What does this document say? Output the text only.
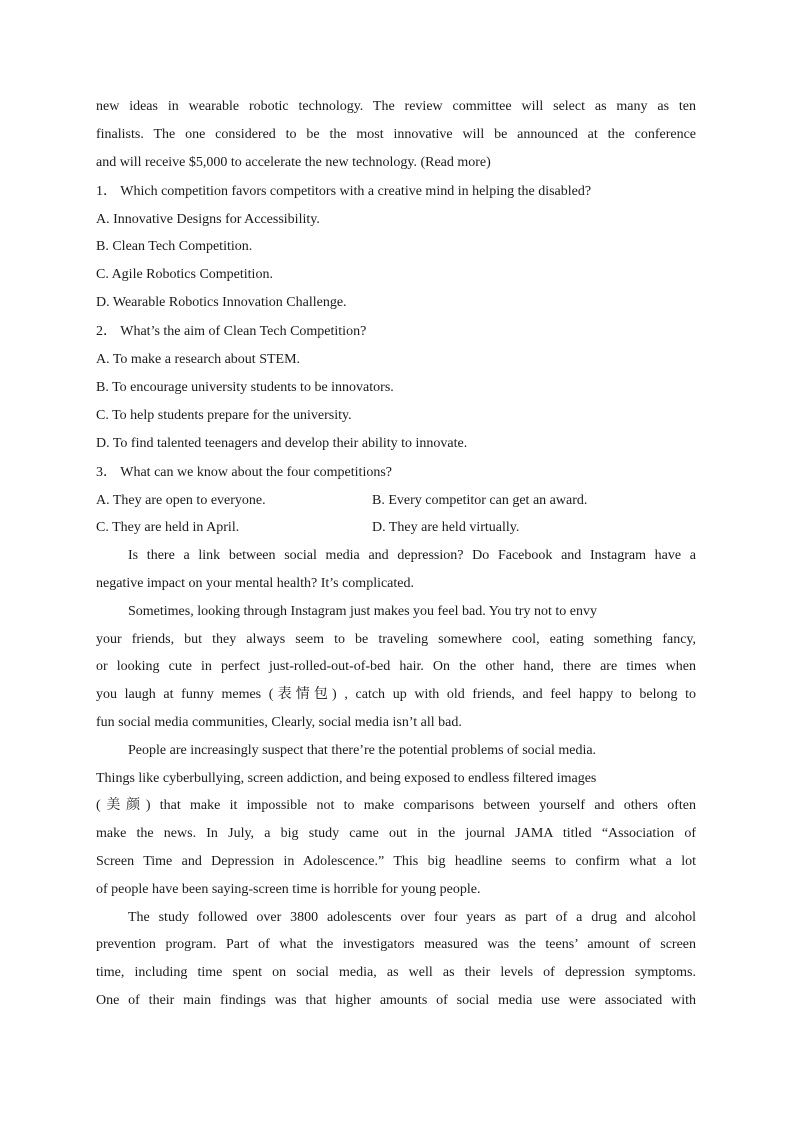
new ideas in wearable robotic technology. The review committee will select as many as ten
finalists. The one considered to be the most innovative will be announced at the conference
and will receive $5,000 to accelerate the new technology. (Read more)
1． Which competition favors competitors with a creative mind in helping the disabled?
A. Innovative Designs for Accessibility.
B. Clean Tech Competition.
C. Agile Robotics Competition.
D. Wearable Robotics Innovation Challenge.
2． What’s the aim of Clean Tech Competition?
A. To make a research about STEM.
B. To encourage university students to be innovators.
C. To help students prepare for the university.
D. To find talented teenagers and develop their ability to innovate.
3． What can we know about the four competitions?
A. They are open to everyone.	B. Every competitor can get an award.
C. They are held in April.	D. They are held virtually.
Is there a link between social media and depression? Do Facebook and Instagram have a
negative impact on your mental health? It’s complicated.
Sometimes, looking through Instagram just makes you feel bad. You try not to envy
your friends, but they always seem to be traveling somewhere cool, eating something fancy,
or looking cute in perfect just-rolled-out-of-bed hair. On the other hand, there are times when
you laugh at funny memes (表情包) , catch up with old friends, and feel happy to belong to
fun social media communities, Clearly, social media isn’t all bad.
People are increasingly suspect that there’re the potential problems of social media.
Things like cyberbullying, screen addiction, and being exposed to endless filtered images
(美颜) that make it impossible not to make comparisons between yourself and others often
make the news. In July, a big study came out in the journal JAMA titled “Association of
Screen Time and Depression in Adolescence.” This big headline seems to confirm what a lot
of people have been saying-screen time is horrible for young people.
The study followed over 3800 adolescents over four years as part of a drug and alcohol
prevention program. Part of what the investigators measured was the teens’ amount of screen
time, including time spent on social media, as well as their levels of depression symptoms.
One of their main findings was that higher amounts of social media use were associated with
